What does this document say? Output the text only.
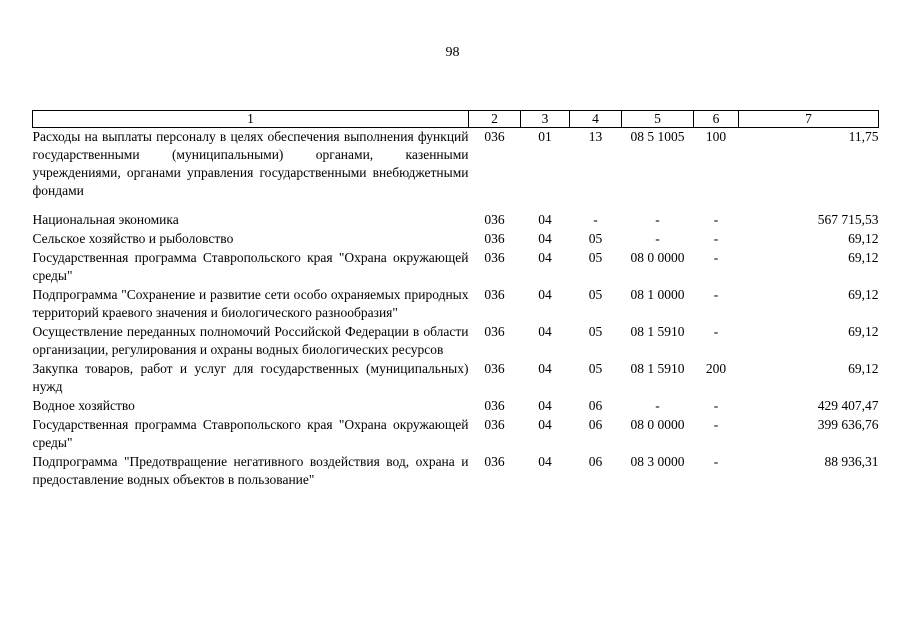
98
1	2	3	4	5	6	7
Расходы на выплаты персоналу в целях обеспечения выполнения функций государственными (муниципальными) органами, казенными учреждениями, органами управления государственными внебюджетными фондами	036	01	13	08 5 1005	100	11,75
Национальная экономика	036	04	-	-	-	567 715,53
Сельское хозяйство и рыболовство	036	04	05	-	-	69,12
Государственная программа Ставропольского края "Охрана окружающей среды"	036	04	05	08 0 0000	-	69,12
Подпрограмма "Сохранение и развитие сети особо охраняемых природных территорий краевого значения и биологического разнообразия"	036	04	05	08 1 0000	-	69,12
Осуществление переданных полномочий Российской Федерации в области организации, регулирования и охраны водных биологических ресурсов	036	04	05	08 1 5910	-	69,12
Закупка товаров, работ и услуг для государственных (муниципальных) нужд	036	04	05	08 1 5910	200	69,12
Водное хозяйство	036	04	06	-	-	429 407,47
Государственная программа Ставропольского края "Охрана окружающей среды"	036	04	06	08 0 0000	-	399 636,76
Подпрограмма "Предотвращение негативного воздействия вод, охрана и предоставление водных объектов в пользование"	036	04	06	08 3 0000	-	88 936,31
